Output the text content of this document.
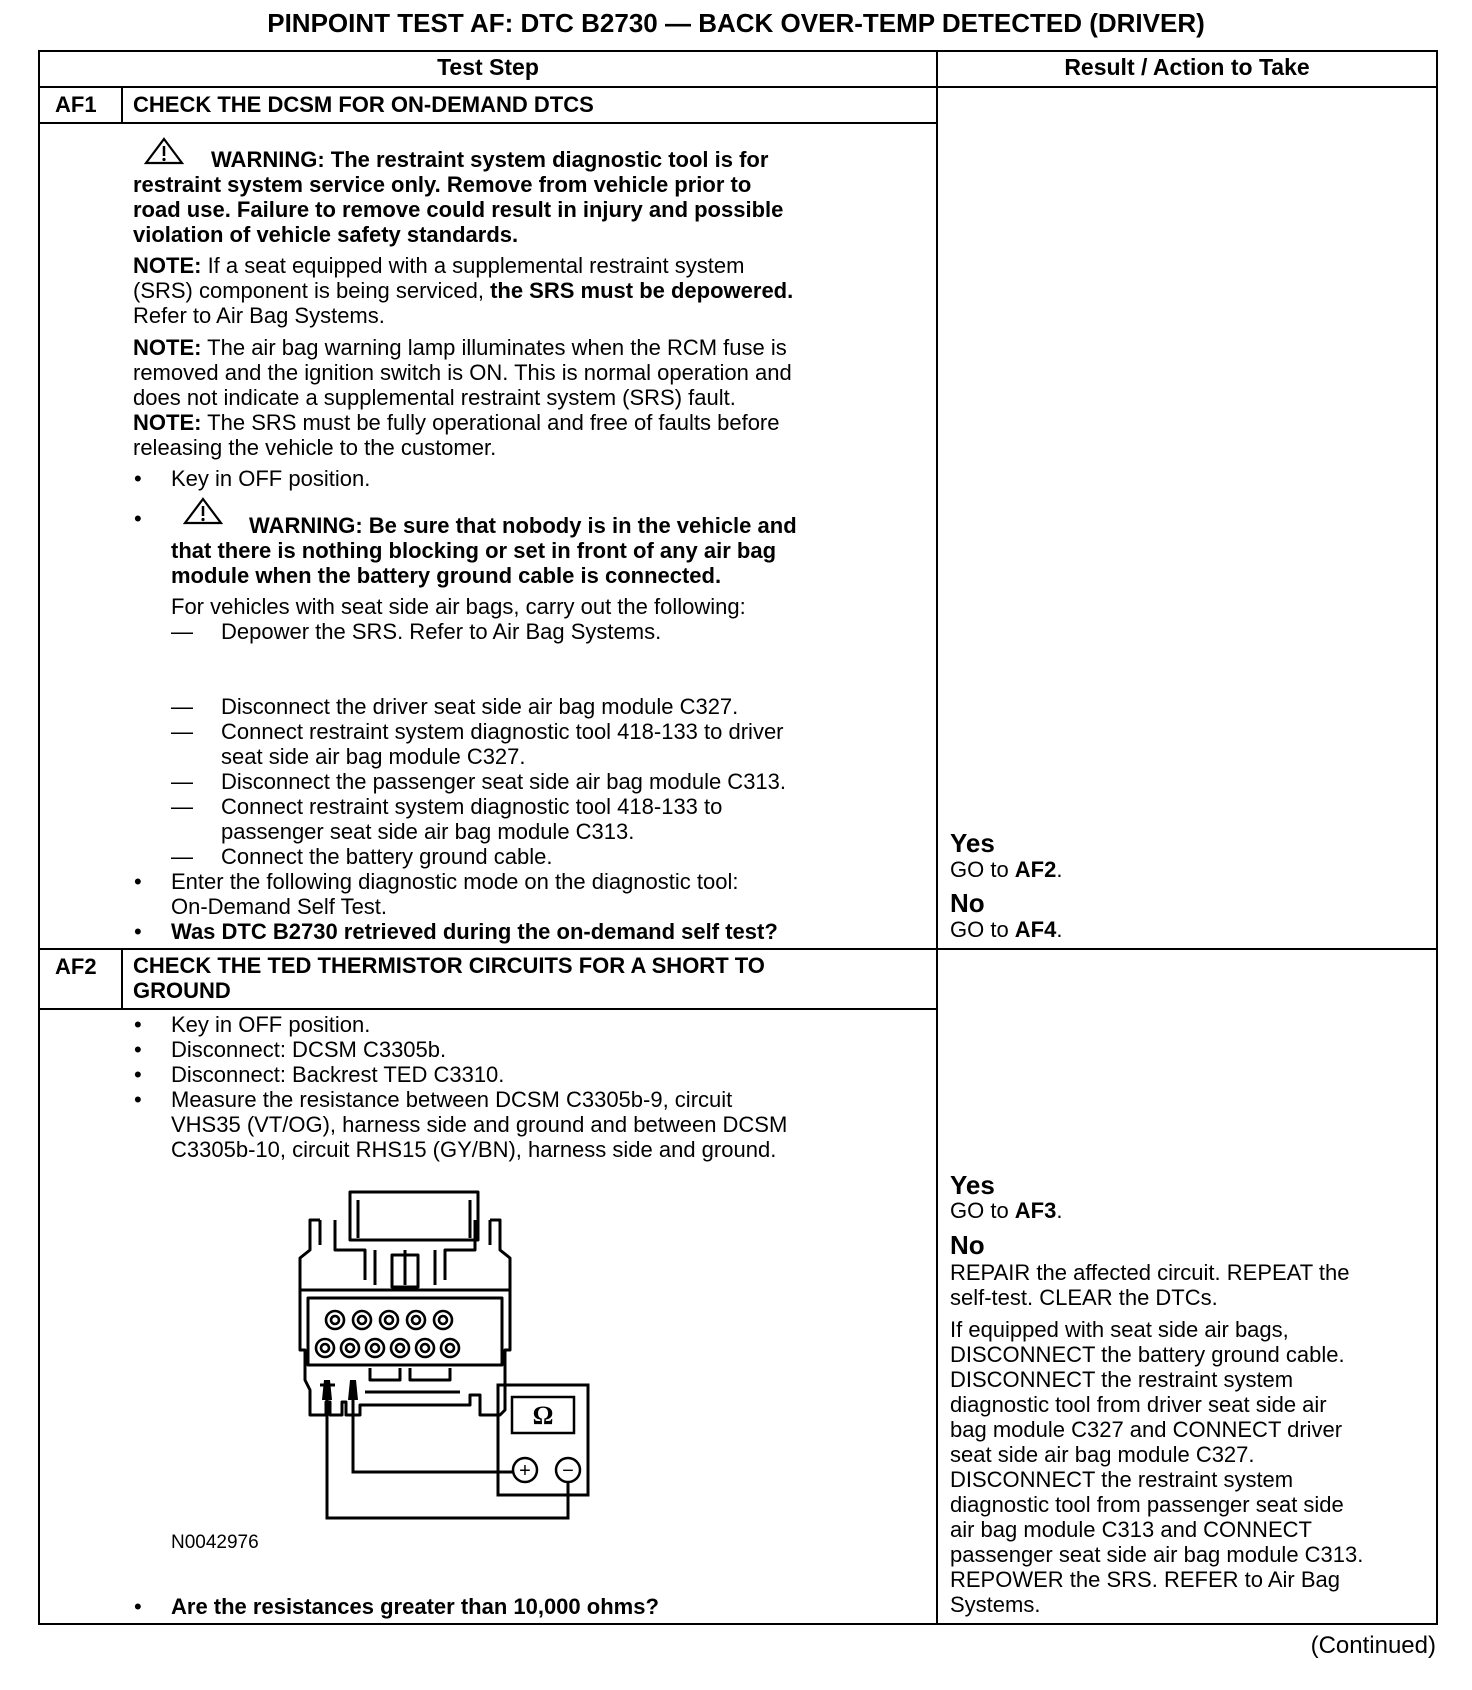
PINPOINT TEST AF: DTC B2730 — BACK OVER-TEMP DETECTED (DRIVER)
Test Step	Result / Action to Take
AF1 CHECK THE DCSM FOR ON-DEMAND DTCS
WARNING: The restraint system diagnostic tool is for
restraint system service only. Remove from vehicle prior to
road use. Failure to remove could result in injury and possible
violation of vehicle safety standards.
NOTE: If a seat equipped with a supplemental restraint system
(SRS) component is being serviced, the SRS must be depowered.
Refer to Air Bag Systems.
NOTE: The air bag warning lamp illuminates when the RCM fuse is
removed and the ignition switch is ON. This is normal operation and
does not indicate a supplemental restraint system (SRS) fault.
NOTE: The SRS must be fully operational and free of faults before
releasing the vehicle to the customer.
• Key in OFF position.
•	WARNING: Be sure that nobody is in the vehicle and
that there is nothing blocking or set in front of any air bag
module when the battery ground cable is connected.
For vehicles with seat side air bags, carry out the following:
— Depower the SRS. Refer to Air Bag Systems.
— Disconnect the driver seat side air bag module C327.
— Connect restraint system diagnostic tool 418-133 to driver
seat side air bag module C327.
— Disconnect the passenger seat side air bag module C313.
— Connect restraint system diagnostic tool 418-133 to
passenger seat side air bag module C313.
— Connect the battery ground cable.
• Enter the following diagnostic mode on the diagnostic tool:
On-Demand Self Test.
• Was DTC B2730 retrieved during the on-demand self test?
Yes
GO to AF2.
No
GO to AF4.
AF2 CHECK THE TED THERMISTOR CIRCUITS FOR A SHORT TO
GROUND
• Key in OFF position.
• Disconnect: DCSM C3305b.
• Disconnect: Backrest TED C3310.
• Measure the resistance between DCSM C3305b-9, circuit
VHS35 (VT/OG), harness side and ground and between DCSM
C3305b-10, circuit RHS15 (GY/BN), harness side and ground.
Ω
+ −
N0042976
• Are the resistances greater than 10,000 ohms?
Yes
GO to AF3.
No
REPAIR the affected circuit. REPEAT the
self-test. CLEAR the DTCs.
If equipped with seat side air bags,
DISCONNECT the battery ground cable.
DISCONNECT the restraint system
diagnostic tool from driver seat side air
bag module C327 and CONNECT driver
seat side air bag module C327.
DISCONNECT the restraint system
diagnostic tool from passenger seat side
air bag module C313 and CONNECT
passenger seat side air bag module C313.
REPOWER the SRS. REFER to Air Bag
Systems.
(Continued)
